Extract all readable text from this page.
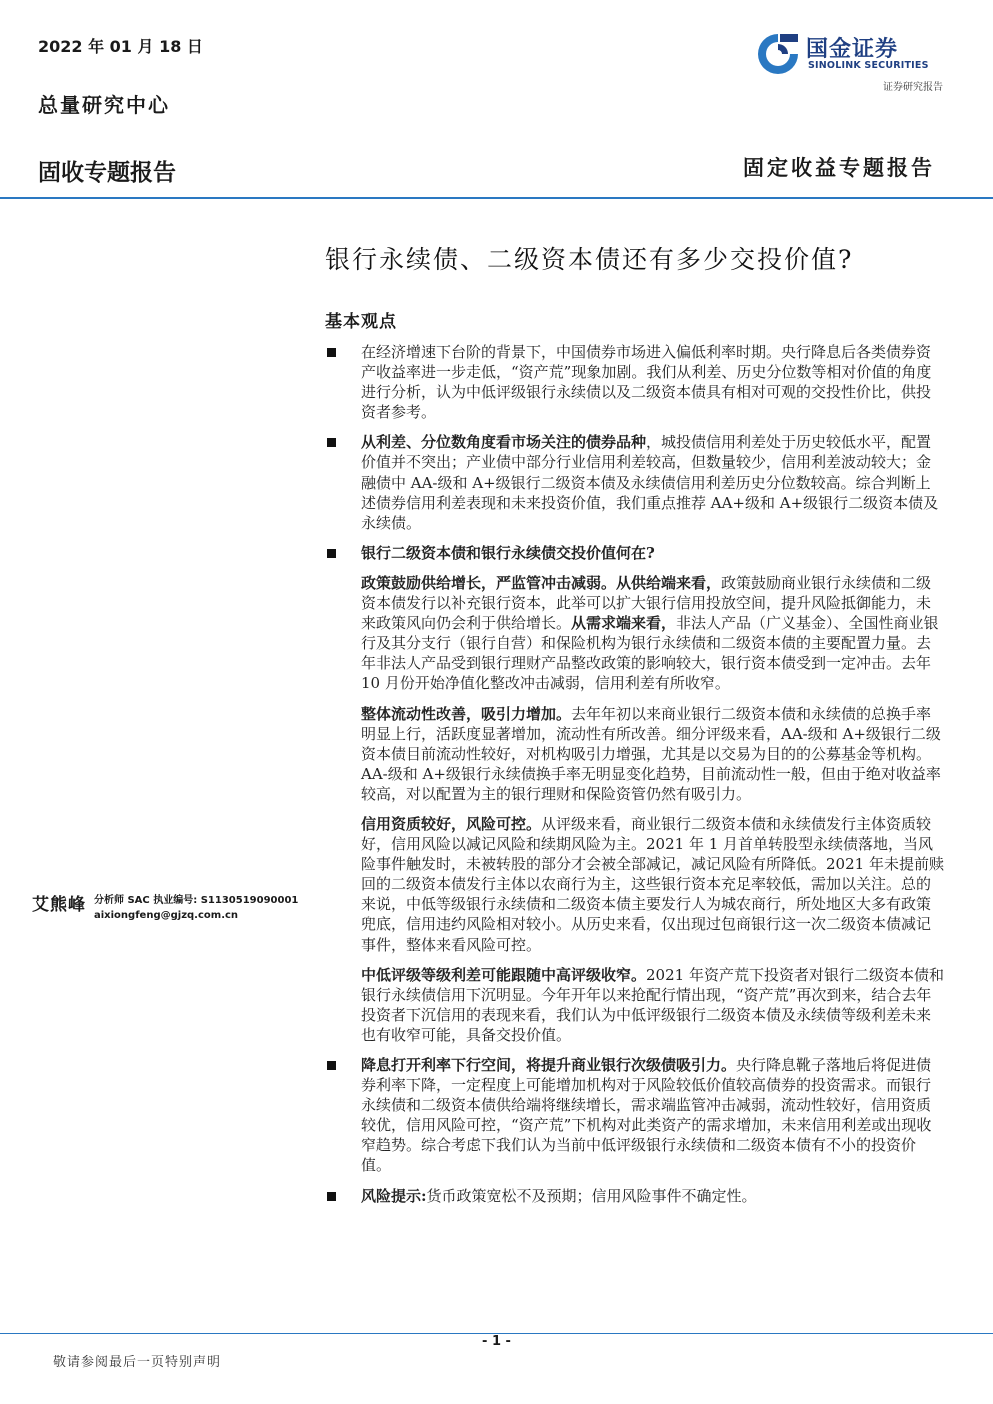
2022 年 01 月 18 日
总量研究中心
国金证券
SINOLINK SECURITIES
证券研究报告
固收专题报告	固定收益专题报告
银行永续债、二级资本债还有多少交投价值?
基本观点

在经济增速下台阶的背景下，中国债券市场进入偏低利率时期。央行降息后各类债券资产收益率进一步走低，“资产荒”现象加剧。我们从利差、历史分位数等相对价值的角度进行分析，认为中低评级银行永续债以及二级资本债具有相对可观的交投性价比，供投资者参考。

从利差、分位数角度看市场关注的债券品种，城投债信用利差处于历史较低水平，配置价值并不突出；产业债中部分行业信用利差较高，但数量较少，信用利差波动较大；金融债中 AA-级和 A+级银行二级资本债及永续债信用利差历史分位数较高。综合判断上述债券信用利差表现和未来投资价值，我们重点推荐 AA+级和 A+级银行二级资本债及永续债。

银行二级资本债和银行永续债交投价值何在?

政策鼓励供给增长，严监管冲击减弱。从供给端来看，政策鼓励商业银行永续债和二级资本债发行以补充银行资本，此举可以扩大银行信用投放空间，提升风险抵御能力，未来政策风向仍会利于供给增长。从需求端来看，非法人产品（广义基金）、全国性商业银行及其分支行（银行自营）和保险机构为银行永续债和二级资本债的主要配置力量。去年非法人产品受到银行理财产品整改政策的影响较大，银行资本债受到一定冲击。去年 10 月份开始净值化整改冲击减弱，信用利差有所收窄。

整体流动性改善，吸引力增加。去年年初以来商业银行二级资本债和永续债的总换手率明显上行，活跃度显著增加，流动性有所改善。细分评级来看，AA-级和 A+级银行二级资本债目前流动性较好，对机构吸引力增强，尤其是以交易为目的的公募基金等机构。AA-级和 A+级银行永续债换手率无明显变化趋势，目前流动性一般，但由于绝对收益率较高，对以配置为主的银行理财和保险资管仍然有吸引力。

信用资质较好，风险可控。从评级来看，商业银行二级资本债和永续债发行主体资质较好，信用风险以减记风险和续期风险为主。2021 年 1 月首单转股型永续债落地，当风险事件触发时，未被转股的部分才会被全部减记，减记风险有所降低。2021 年未提前赎回的二级资本债发行主体以农商行为主，这些银行资本充足率较低，需加以关注。总的来说，中低等级银行永续债和二级资本债主要发行人为城农商行，所处地区大多有政策兜底，信用违约风险相对较小。从历史来看，仅出现过包商银行这一次二级资本债减记事件，整体来看风险可控。

中低评级等级利差可能跟随中高评级收窄。2021 年资产荒下投资者对银行二级资本债和银行永续债信用下沉明显。今年开年以来抢配行情出现，“资产荒”再次到来，结合去年投资者下沉信用的表现来看，我们认为中低评级银行二级资本债及永续债等级利差未来也有收窄可能，具备交投价值。

降息打开利率下行空间，将提升商业银行次级债吸引力。央行降息靴子落地后将促进债券利率下降，一定程度上可能增加机构对于风险较低价值较高债券的投资需求。而银行永续债和二级资本债供给端将继续增长，需求端监管冲击减弱，流动性较好，信用资质较优，信用风险可控，“资产荒”下机构对此类资产的需求增加，未来信用利差或出现收窄趋势。综合考虑下我们认为当前中低评级银行永续债和二级资本债有不小的投资价值。

风险提示:货币政策宽松不及预期；信用风险事件不确定性。

艾熊峰 分析师 SAC 执业编号: S1130519090001
aixiongfeng@gjzq.com.cn
- 1 -
敬请参阅最后一页特别声明
